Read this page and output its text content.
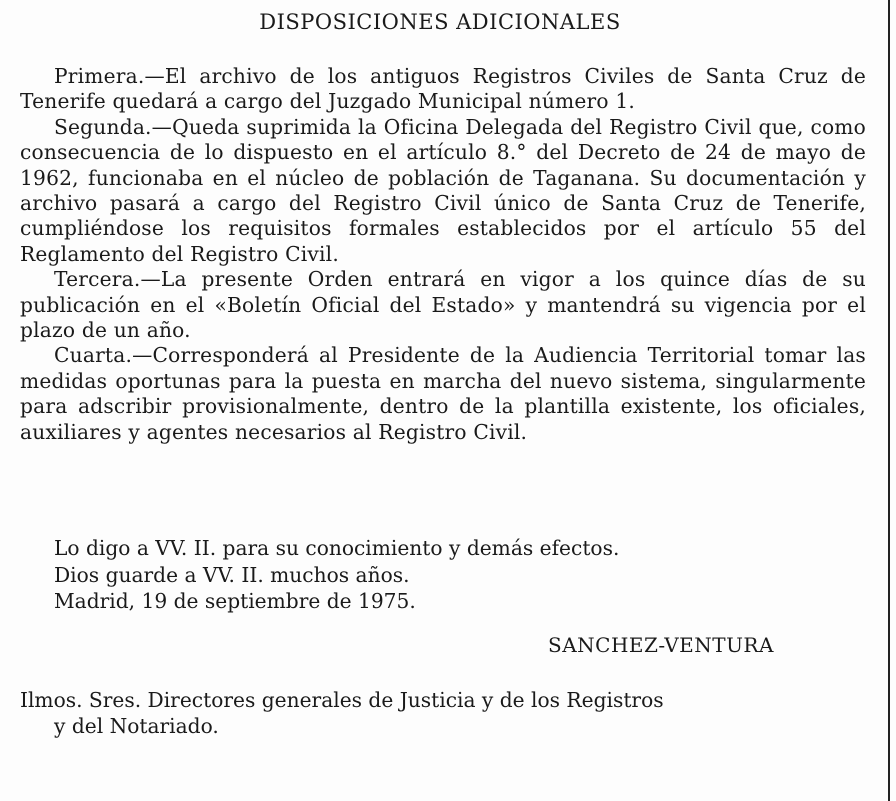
DISPOSICIONES ADICIONALES

Primera.—El archivo de los antiguos Registros Civiles de Santa Cruz de Tenerife quedará a cargo del Juzgado Municipal número 1.

Segunda.—Queda suprimida la Oficina Delegada del Registro Civil que, como consecuencia de lo dispuesto en el artículo 8.° del Decreto de 24 de mayo de 1962, funcionaba en el núcleo de población de Taganana. Su documentación y archivo pasará a cargo del Registro Civil único de Santa Cruz de Tenerife, cumpliéndose los requisitos formales establecidos por el artículo 55 del Reglamento del Registro Civil.

Tercera.—La presente Orden entrará en vigor a los quince días de su publicación en el «Boletín Oficial del Estado» y mantendrá su vigencia por el plazo de un año.

Cuarta.—Corresponderá al Presidente de la Audiencia Territorial tomar las medidas oportunas para la puesta en marcha del nuevo sistema, singularmente para adscribir provisionalmente, dentro de la plantilla existente, los oficiales, auxiliares y agentes necesarios al Registro Civil.

Lo digo a VV. II. para su conocimiento y demás efectos.
Dios guarde a VV. II. muchos años.
Madrid, 19 de septiembre de 1975.
SANCHEZ-VENTURA
Ilmos. Sres. Directores generales de Justicia y de los Registros
y del Notariado.
